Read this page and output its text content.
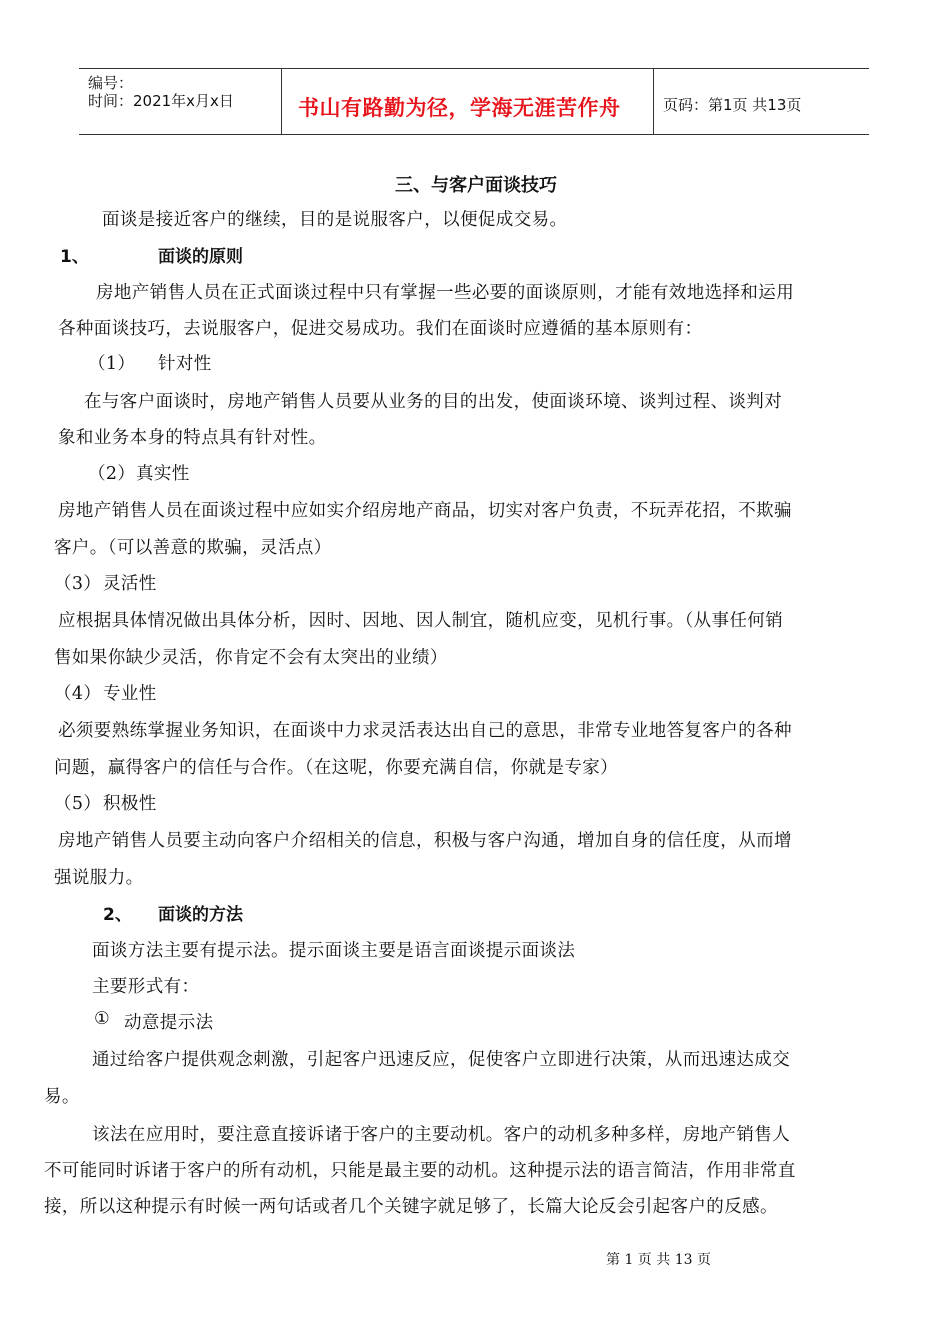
编号：
时间：2021年x月x日	书山有路勤为径，学海无涯苦作舟	页码：第1页 共13页
三、与客户面谈技巧
面谈是接近客户的继续，目的是说服客户，以便促成交易。
1、	面谈的原则
房地产销售人员在正式面谈过程中只有掌握一些必要的面谈原则，才能有效地选择和运用
各种面谈技巧，去说服客户，促进交易成功。我们在面谈时应遵循的基本原则有：
（1） 针对性
在与客户面谈时，房地产销售人员要从业务的目的出发，使面谈环境、谈判过程、谈判对
象和业务本身的特点具有针对性。
（2） 真实性
房地产销售人员在面谈过程中应如实介绍房地产商品，切实对客户负责，不玩弄花招，不欺骗
客户。（可以善意的欺骗，灵活点）
（3） 灵活性
应根据具体情况做出具体分析，因时、因地、因人制宜，随机应变，见机行事。（从事任何销
售如果你缺少灵活，你肯定不会有太突出的业绩）
（4） 专业性
必须要熟练掌握业务知识，在面谈中力求灵活表达出自己的意思，非常专业地答复客户的各种
问题，赢得客户的信任与合作。（在这呢，你要充满自信，你就是专家）
（5） 积极性
房地产销售人员要主动向客户介绍相关的信息，积极与客户沟通，增加自身的信任度，从而增
强说服力。
2、 面谈的方法
面谈方法主要有提示法。提示面谈主要是语言面谈提示面谈法
主要形式有：
① 动意提示法
通过给客户提供观念刺激，引起客户迅速反应，促使客户立即进行决策，从而迅速达成交
易。
该法在应用时，要注意直接诉诸于客户的主要动机。客户的动机多种多样，房地产销售人
不可能同时诉诸于客户的所有动机，只能是最主要的动机。这种提示法的语言简洁，作用非常直
接，所以这种提示有时候一两句话或者几个关键字就足够了，长篇大论反会引起客户的反感。
第 1 页 共 13 页
